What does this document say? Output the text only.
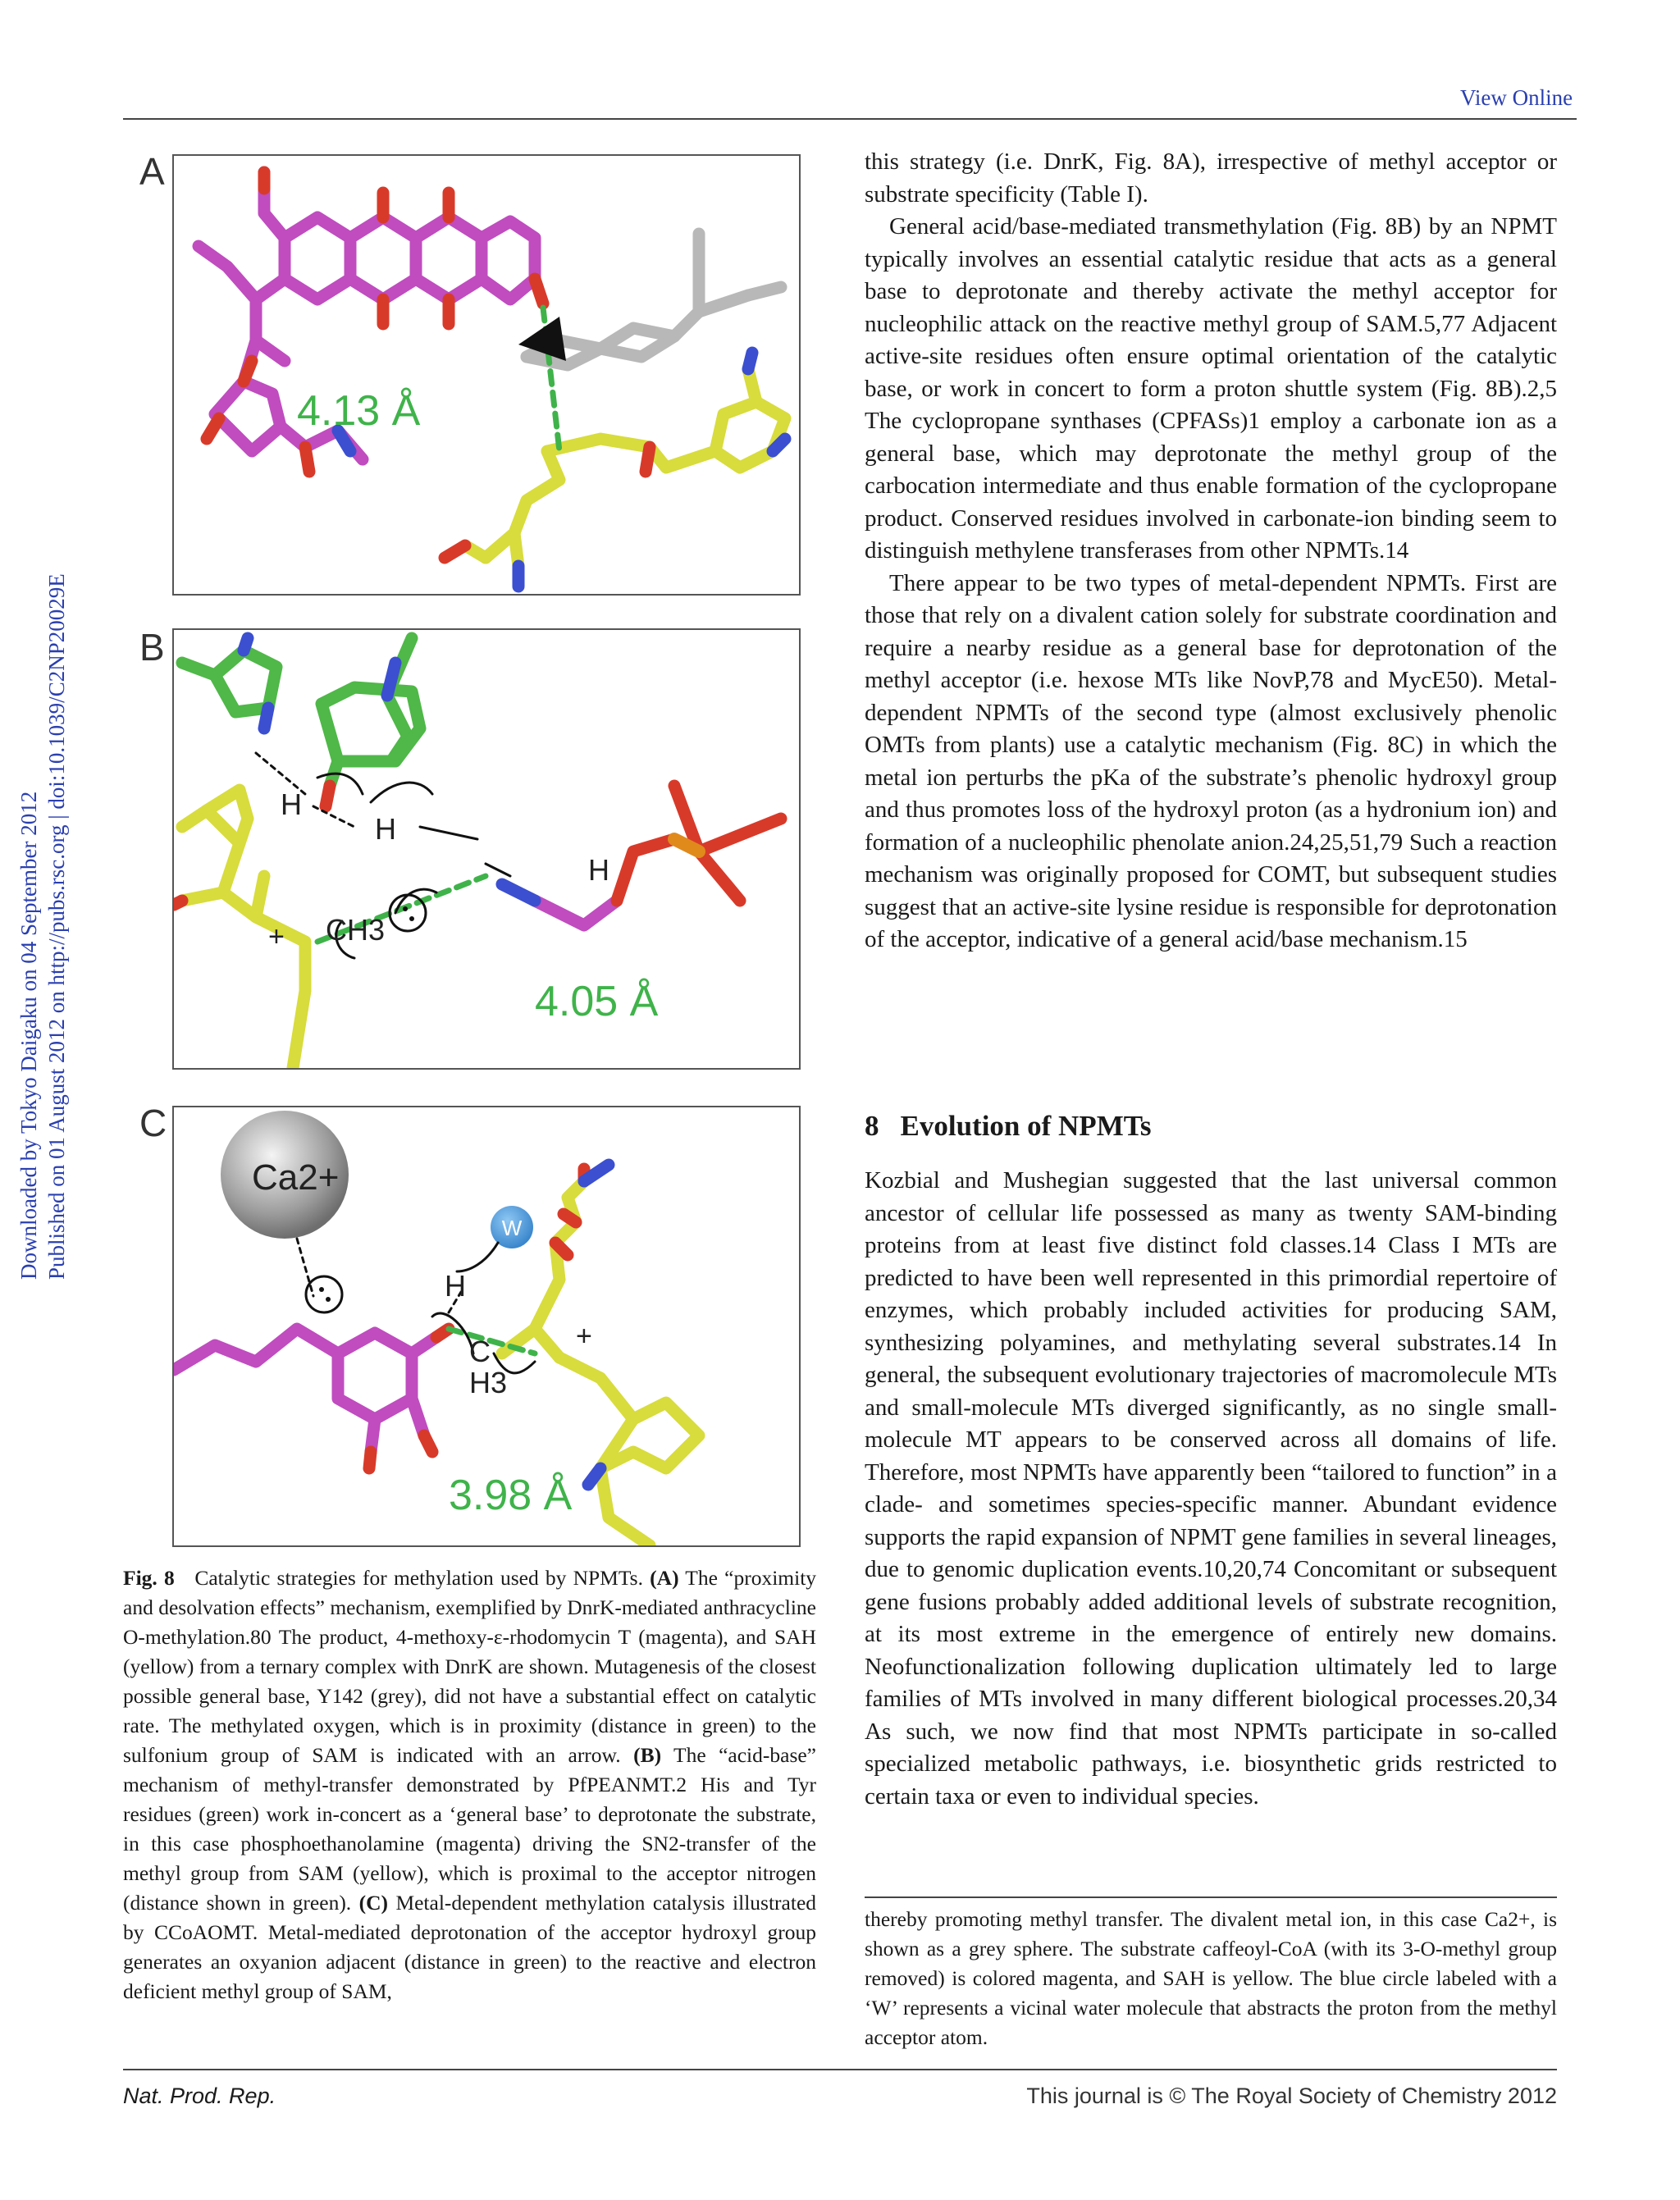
View Online
Downloaded by Tokyo Daigaku on 04 September 2012 Published on 01 August 2012 on http://pubs.rsc.org | doi:10.1039/C2NP20029E
A
4.13 Å
B
H
H
H
CH3
+
4.05 Å
C
Ca2+
W
H
C
H3
+
3.98 Å
Fig. 8 Catalytic strategies for methylation used by NPMTs. (A) The “proximity and desolvation effects” mechanism, exemplified by DnrK-mediated anthracycline O-methylation.80 The product, 4-methoxy-ε-rhodomycin T (magenta), and SAH (yellow) from a ternary complex with DnrK are shown. Mutagenesis of the closest possible general base, Y142 (grey), did not have a substantial effect on catalytic rate. The methylated oxygen, which is in proximity (distance in green) to the sulfonium group of SAM is indicated with an arrow. (B) The “acid-base” mechanism of methyl-transfer demonstrated by PfPEANMT.2 His and Tyr residues (green) work in-concert as a ‘general base’ to deprotonate the substrate, in this case phosphoethanolamine (magenta) driving the SN2-transfer of the methyl group from SAM (yellow), which is proximal to the acceptor nitrogen (distance shown in green). (C) Metal-dependent methylation catalysis illustrated by CCoAOMT. Metal-mediated deprotonation of the acceptor hydroxyl group generates an oxyanion adjacent (distance in green) to the reactive and electron deficient methyl group of SAM,

this strategy (i.e. DnrK, Fig. 8A), irrespective of methyl acceptor or substrate specificity (Table I).

General acid/base-mediated transmethylation (Fig. 8B) by an NPMT typically involves an essential catalytic residue that acts as a general base to deprotonate and thereby activate the methyl acceptor for nucleophilic attack on the reactive methyl group of SAM.5,77 Adjacent active-site residues often ensure optimal orientation of the catalytic base, or work in concert to form a proton shuttle system (Fig. 8B).2,5 The cyclopropane synthases (CPFASs)1 employ a carbonate ion as a general base, which may deprotonate the methyl group of the carbocation intermediate and thus enable formation of the cyclopropane product. Conserved residues involved in carbonate-ion binding seem to distinguish methylene transferases from other NPMTs.14

There appear to be two types of metal-dependent NPMTs. First are those that rely on a divalent cation solely for substrate coordination and require a nearby residue as a general base for deprotonation of the methyl acceptor (i.e. hexose MTs like NovP,78 and MycE50). Metal-dependent NPMTs of the second type (almost exclusively phenolic OMTs from plants) use a catalytic mechanism (Fig. 8C) in which the metal ion perturbs the pKa of the substrate’s phenolic hydroxyl group and thus promotes loss of the hydroxyl proton (as a hydronium ion) and formation of a nucleophilic phenolate anion.24,25,51,79 Such a reaction mechanism was originally proposed for COMT, but subsequent studies suggest that an active-site lysine residue is responsible for deprotonation of the acceptor, indicative of a general acid/base mechanism.15

8 Evolution of NPMTs

Kozbial and Mushegian suggested that the last universal common ancestor of cellular life possessed as many as twenty SAM-binding proteins from at least five distinct fold classes.14 Class I MTs are predicted to have been well represented in this primordial repertoire of enzymes, which probably included activities for producing SAM, synthesizing polyamines, and methylating several substrates.14 In general, the subsequent evolutionary trajectories of macromolecule MTs and small-molecule MTs diverged significantly, as no single small-molecule MT appears to be conserved across all domains of life. Therefore, most NPMTs have apparently been “tailored to function” in a clade- and sometimes species-specific manner. Abundant evidence supports the rapid expansion of NPMT gene families in several lineages, due to genomic duplication events.10,20,74 Concomitant or subsequent gene fusions probably added additional levels of substrate recognition, at its most extreme in the emergence of entirely new domains. Neofunctionalization following duplication ultimately led to large families of MTs involved in many different biological processes.20,34 As such, we now find that most NPMTs participate in so-called specialized metabolic pathways, i.e. biosynthetic grids restricted to certain taxa or even to individual species.

thereby promoting methyl transfer. The divalent metal ion, in this case Ca2+, is shown as a grey sphere. The substrate caffeoyl-CoA (with its 3-O-methyl group removed) is colored magenta, and SAH is yellow. The blue circle labeled with a ‘W’ represents a vicinal water molecule that abstracts the proton from the methyl acceptor atom.
Nat. Prod. Rep.	This journal is © The Royal Society of Chemistry 2012
